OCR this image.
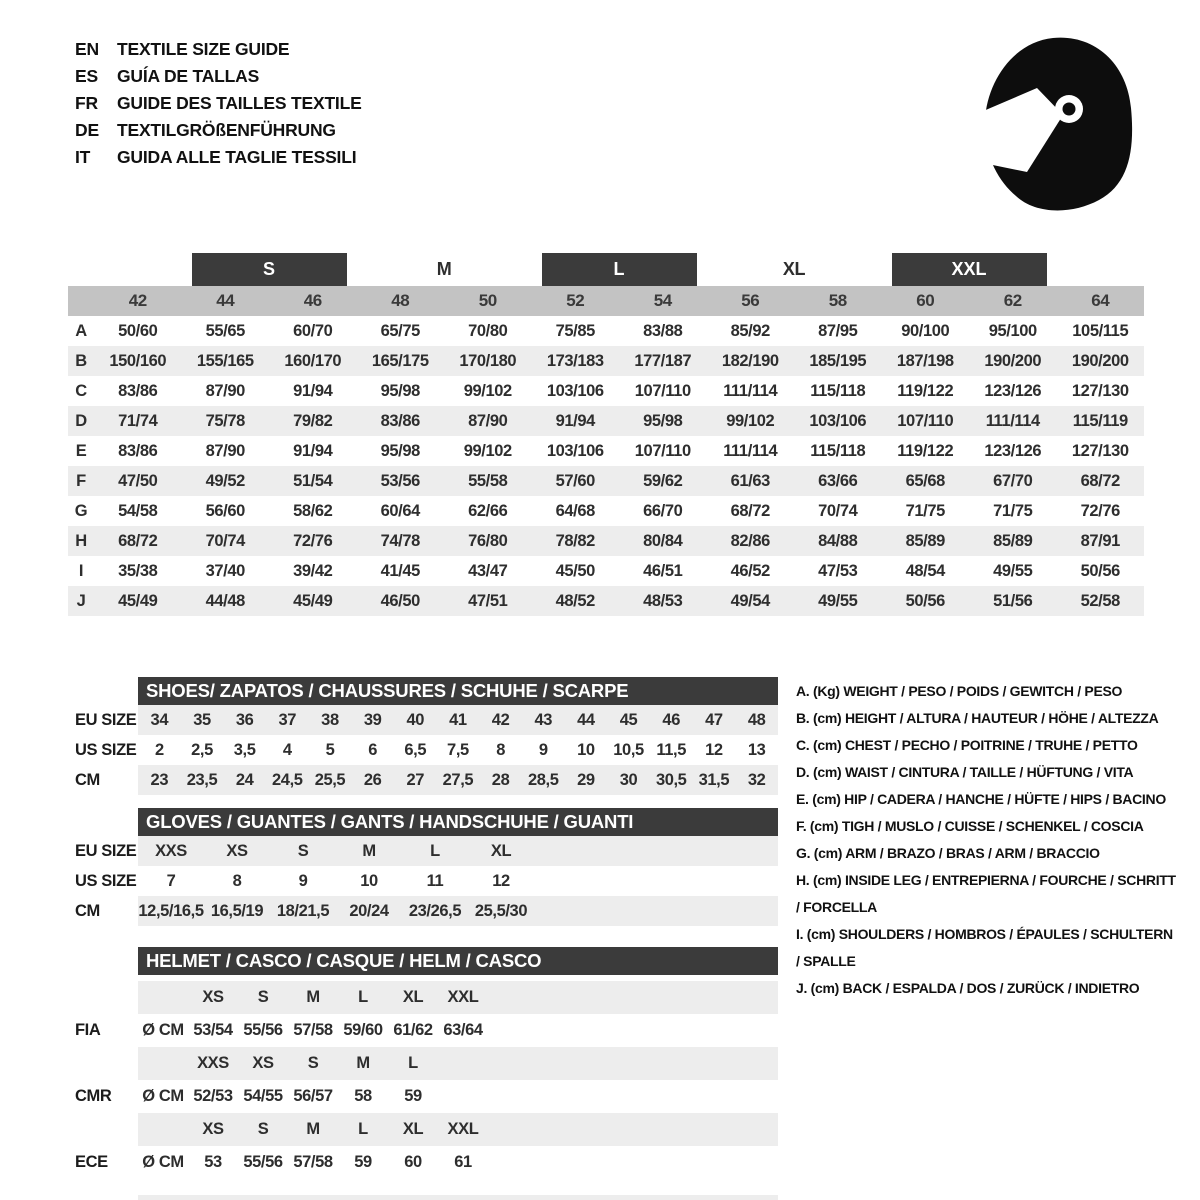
EN	TEXTILE SIZE GUIDE
ES	GUÍA DE TALLAS
FR	GUIDE DES TAILLES TEXTILE
DE	TEXTILGRÖßENFÜHRUNG
IT	GUIDA ALLE TAGLIE TESSILI

		S		M		L		XL		XXL		

	42	44	46	48	50	52	54	56	58	60	62	64
A	50/60	55/65	60/70	65/75	70/80	75/85	83/88	85/92	87/95	90/100	95/100	105/115
B	150/160	155/165	160/170	165/175	170/180	173/183	177/187	182/190	185/195	187/198	190/200	190/200
C	83/86	87/90	91/94	95/98	99/102	103/106	107/110	111/114	115/118	119/122	123/126	127/130
D	71/74	75/78	79/82	83/86	87/90	91/94	95/98	99/102	103/106	107/110	111/114	115/119
E	83/86	87/90	91/94	95/98	99/102	103/106	107/110	111/114	115/118	119/122	123/126	127/130
F	47/50	49/52	51/54	53/56	55/58	57/60	59/62	61/63	63/66	65/68	67/70	68/72
G	54/58	56/60	58/62	60/64	62/66	64/68	66/70	68/72	70/74	71/75	71/75	72/76
H	68/72	70/74	72/76	74/78	76/80	78/82	80/84	82/86	84/88	85/89	85/89	87/91
I	35/38	37/40	39/42	41/45	43/47	45/50	46/51	46/52	47/53	48/54	49/55	50/56
J	45/49	44/48	45/49	46/50	47/51	48/52	48/53	49/54	49/55	50/56	51/56	52/58

	SHOES/ ZAPATOS / CHAUSSURES / SCHUHE / SCARPE														

EU SIZE	34	35	36	37	38	39	40	41	42	43	44	45	46	47	48
US SIZE	2	2,5	3,5	4	5	6	6,5	7,5	8	9	10	10,5	11,5	12	13
CM	23	23,5	24	24,5	25,5	26	27	27,5	28	28,5	29	30	30,5	31,5	32

	GLOVES / GUANTES / GANTS / HANDSCHUHE / GUANTI						

EU SIZE	XXS	XS	S	M	L	XL	
US SIZE	7	8	9	10	11	12	
CM	12,5/16,5	16,5/19	18/21,5	20/24	23/26,5	25,5/30	

	HELMET / CASCO / CASQUE / HELM / CASCO							

		XS	S	M	L	XL	XXL	
FIA	Ø CM	53/54	55/56	57/58	59/60	61/62	63/64	
		XXS	XS	S	M	L		
CMR	Ø CM	52/53	54/55	56/57	58	59		
		XS	S	M	L	XL	XXL	
ECE	Ø CM	53	55/56	57/58	59	60	61	
A. (Kg) WEIGHT / PESO / POIDS / GEWITCH / PESO
B. (cm) HEIGHT / ALTURA / HAUTEUR / HÖHE / ALTEZZA
C. (cm) CHEST / PECHO / POITRINE / TRUHE / PETTO
D. (cm) WAIST / CINTURA / TAILLE / HÜFTUNG / VITA
E. (cm) HIP / CADERA / HANCHE / HÜFTE / HIPS / BACINO
F. (cm) TIGH / MUSLO / CUISSE / SCHENKEL / COSCIA
G. (cm) ARM / BRAZO / BRAS / ARM / BRACCIO
H. (cm) INSIDE LEG / ENTREPIERNA / FOURCHE / SCHRITT / FORCELLA
I. (cm) SHOULDERS / HOMBROS / ÉPAULES / SCHULTERN / SPALLE
J. (cm) BACK / ESPALDA / DOS / ZURÜCK / INDIETRO
